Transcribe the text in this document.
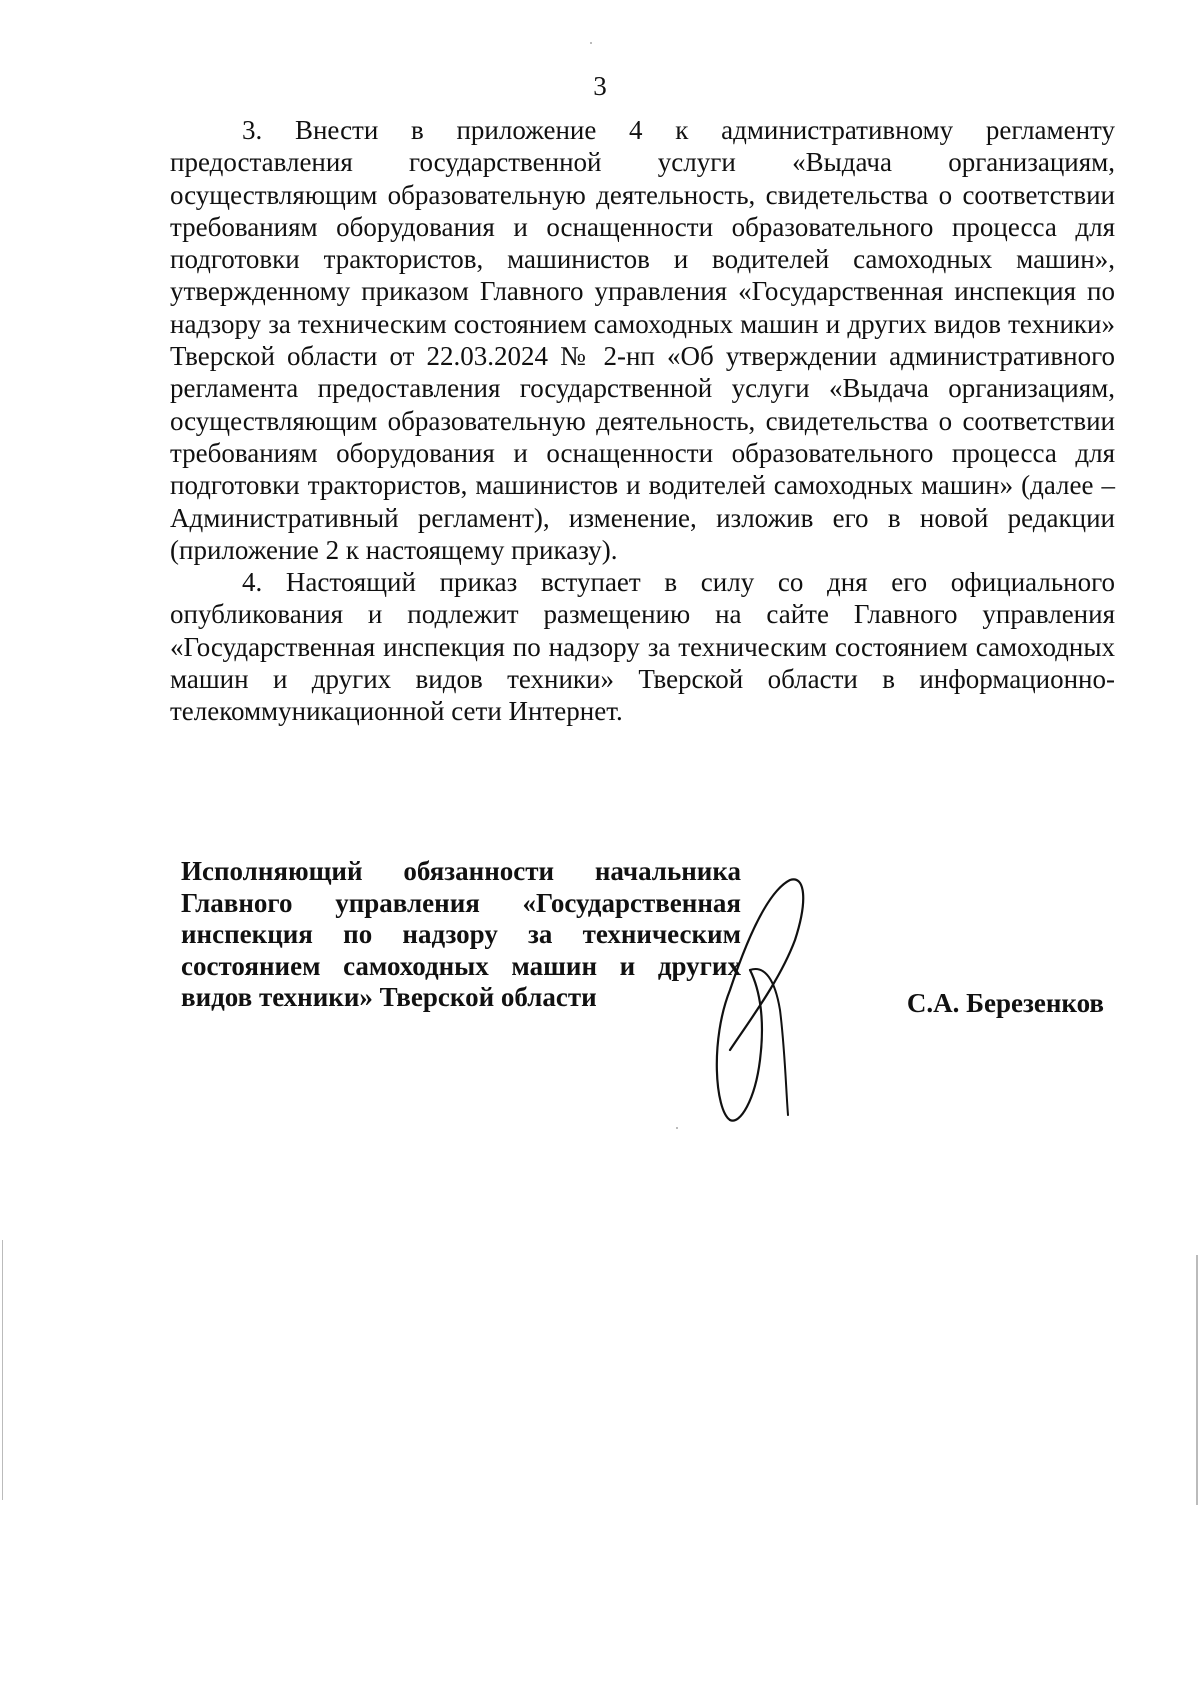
3

3. Внести в приложение 4 к административному регламенту предоставления государственной услуги «Выдача организациям, осуществляющим образовательную деятельность, свидетельства о соответствии требованиям оборудования и оснащенности образовательного процесса для подготовки трактористов, машинистов и водителей самоходных машин», утвержденному приказом Главного управления «Государственная инспекция по надзору за техническим состоянием самоходных машин и других видов техники» Тверской области от 22.03.2024 № 2-нп «Об утверждении административного регламента предоставления государственной услуги «Выдача организациям, осуществляющим образовательную деятельность, свидетельства о соответствии требованиям оборудования и оснащенности образовательного процесса для подготовки трактористов, машинистов и водителей самоходных машин» (далее – Административный регламент), изменение, изложив его в новой редакции (приложение 2 к настоящему приказу).

4. Настоящий приказ вступает в силу со дня его официального опубликования и подлежит размещению на сайте Главного управления «Государственная инспекция по надзору за техническим состоянием самоходных машин и других видов техники» Тверской области в информационно-телекоммуникационной сети Интернет.

Исполняющий обязанности начальника Главного управления «Государственная инспекция по надзору за техническим состоянием самоходных машин и других видов техники» Тверской области	С.А. Березенков
